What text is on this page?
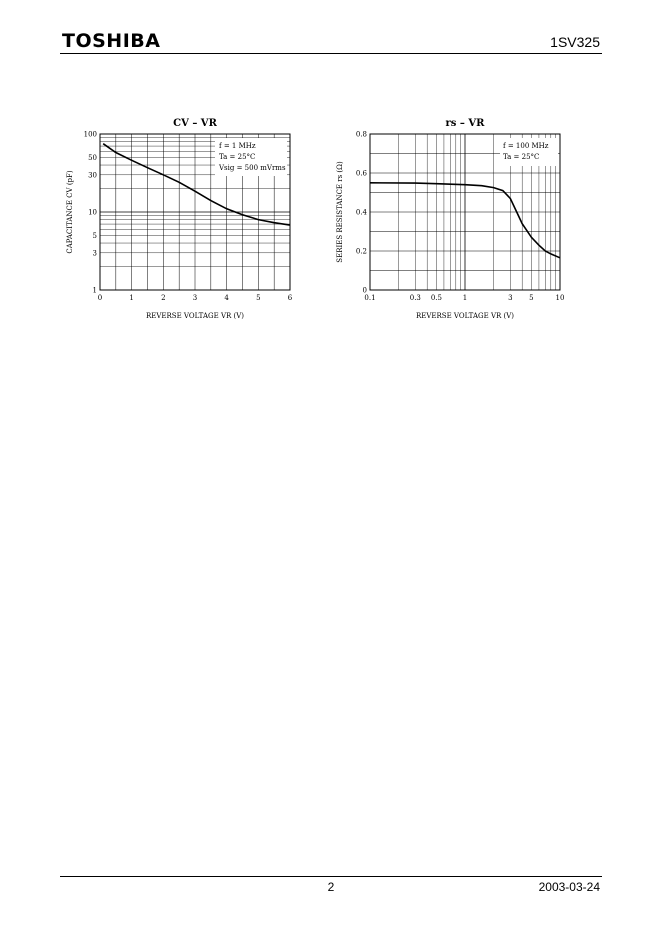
TOSHIBA	1SV325
CV – VR
0	1	2	3	4	5	6
1
3
5
10
30
50
100
REVERSE VOLTAGE VR (V)
CAPACITANCE CV (pF)
f = 1 MHz
Ta = 25°C
Vsig = 500 mVrms
rs – VR
0.1	0.3 0.5	1	3 5	10
0
0.2
0.4
0.6
0.8
REVERSE VOLTAGE VR (V)
SERIES RESISTANCE rs (Ω)
f = 100 MHz
Ta = 25°C
2	2003-03-24
